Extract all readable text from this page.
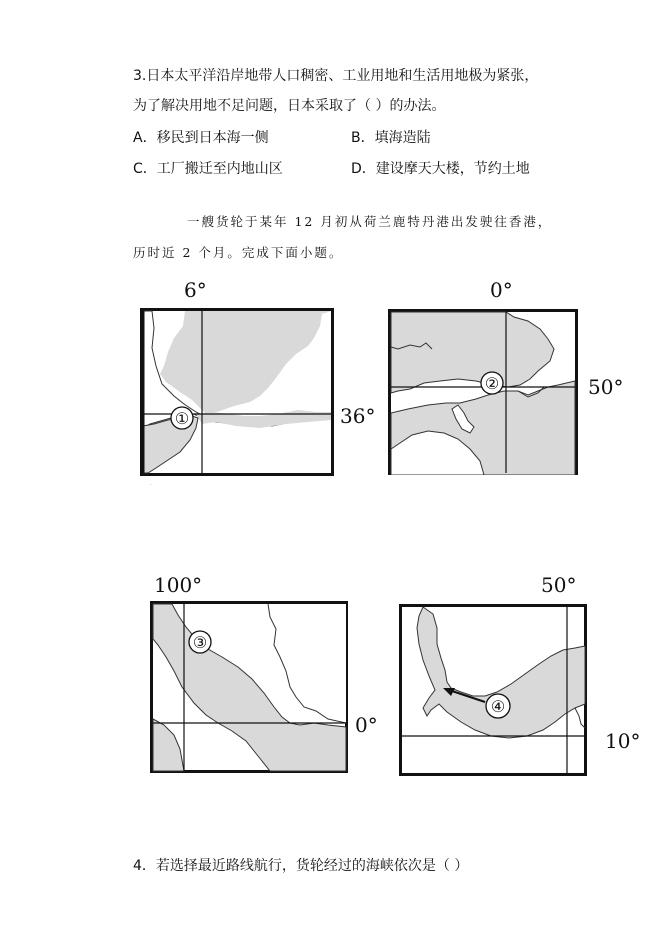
3.日本太平洋沿岸地带人口稠密、工业用地和生活用地极为紧张，
为了解决用地不足问题，日本采取了（ ）的办法。
A．移民到日本海一侧	B．填海造陆
C．工厂搬迁至内地山区	D．建设摩天大楼，节约土地
一艘货轮于某年 12 月初从荷兰鹿特丹港出发驶往香港，
历时近 2 个月。完成下面小题。
6°
36°
①
·
0°
50°
②
100°
0°
③
50°
10°
④
4．若选择最近路线航行，货轮经过的海峡依次是（ ）
